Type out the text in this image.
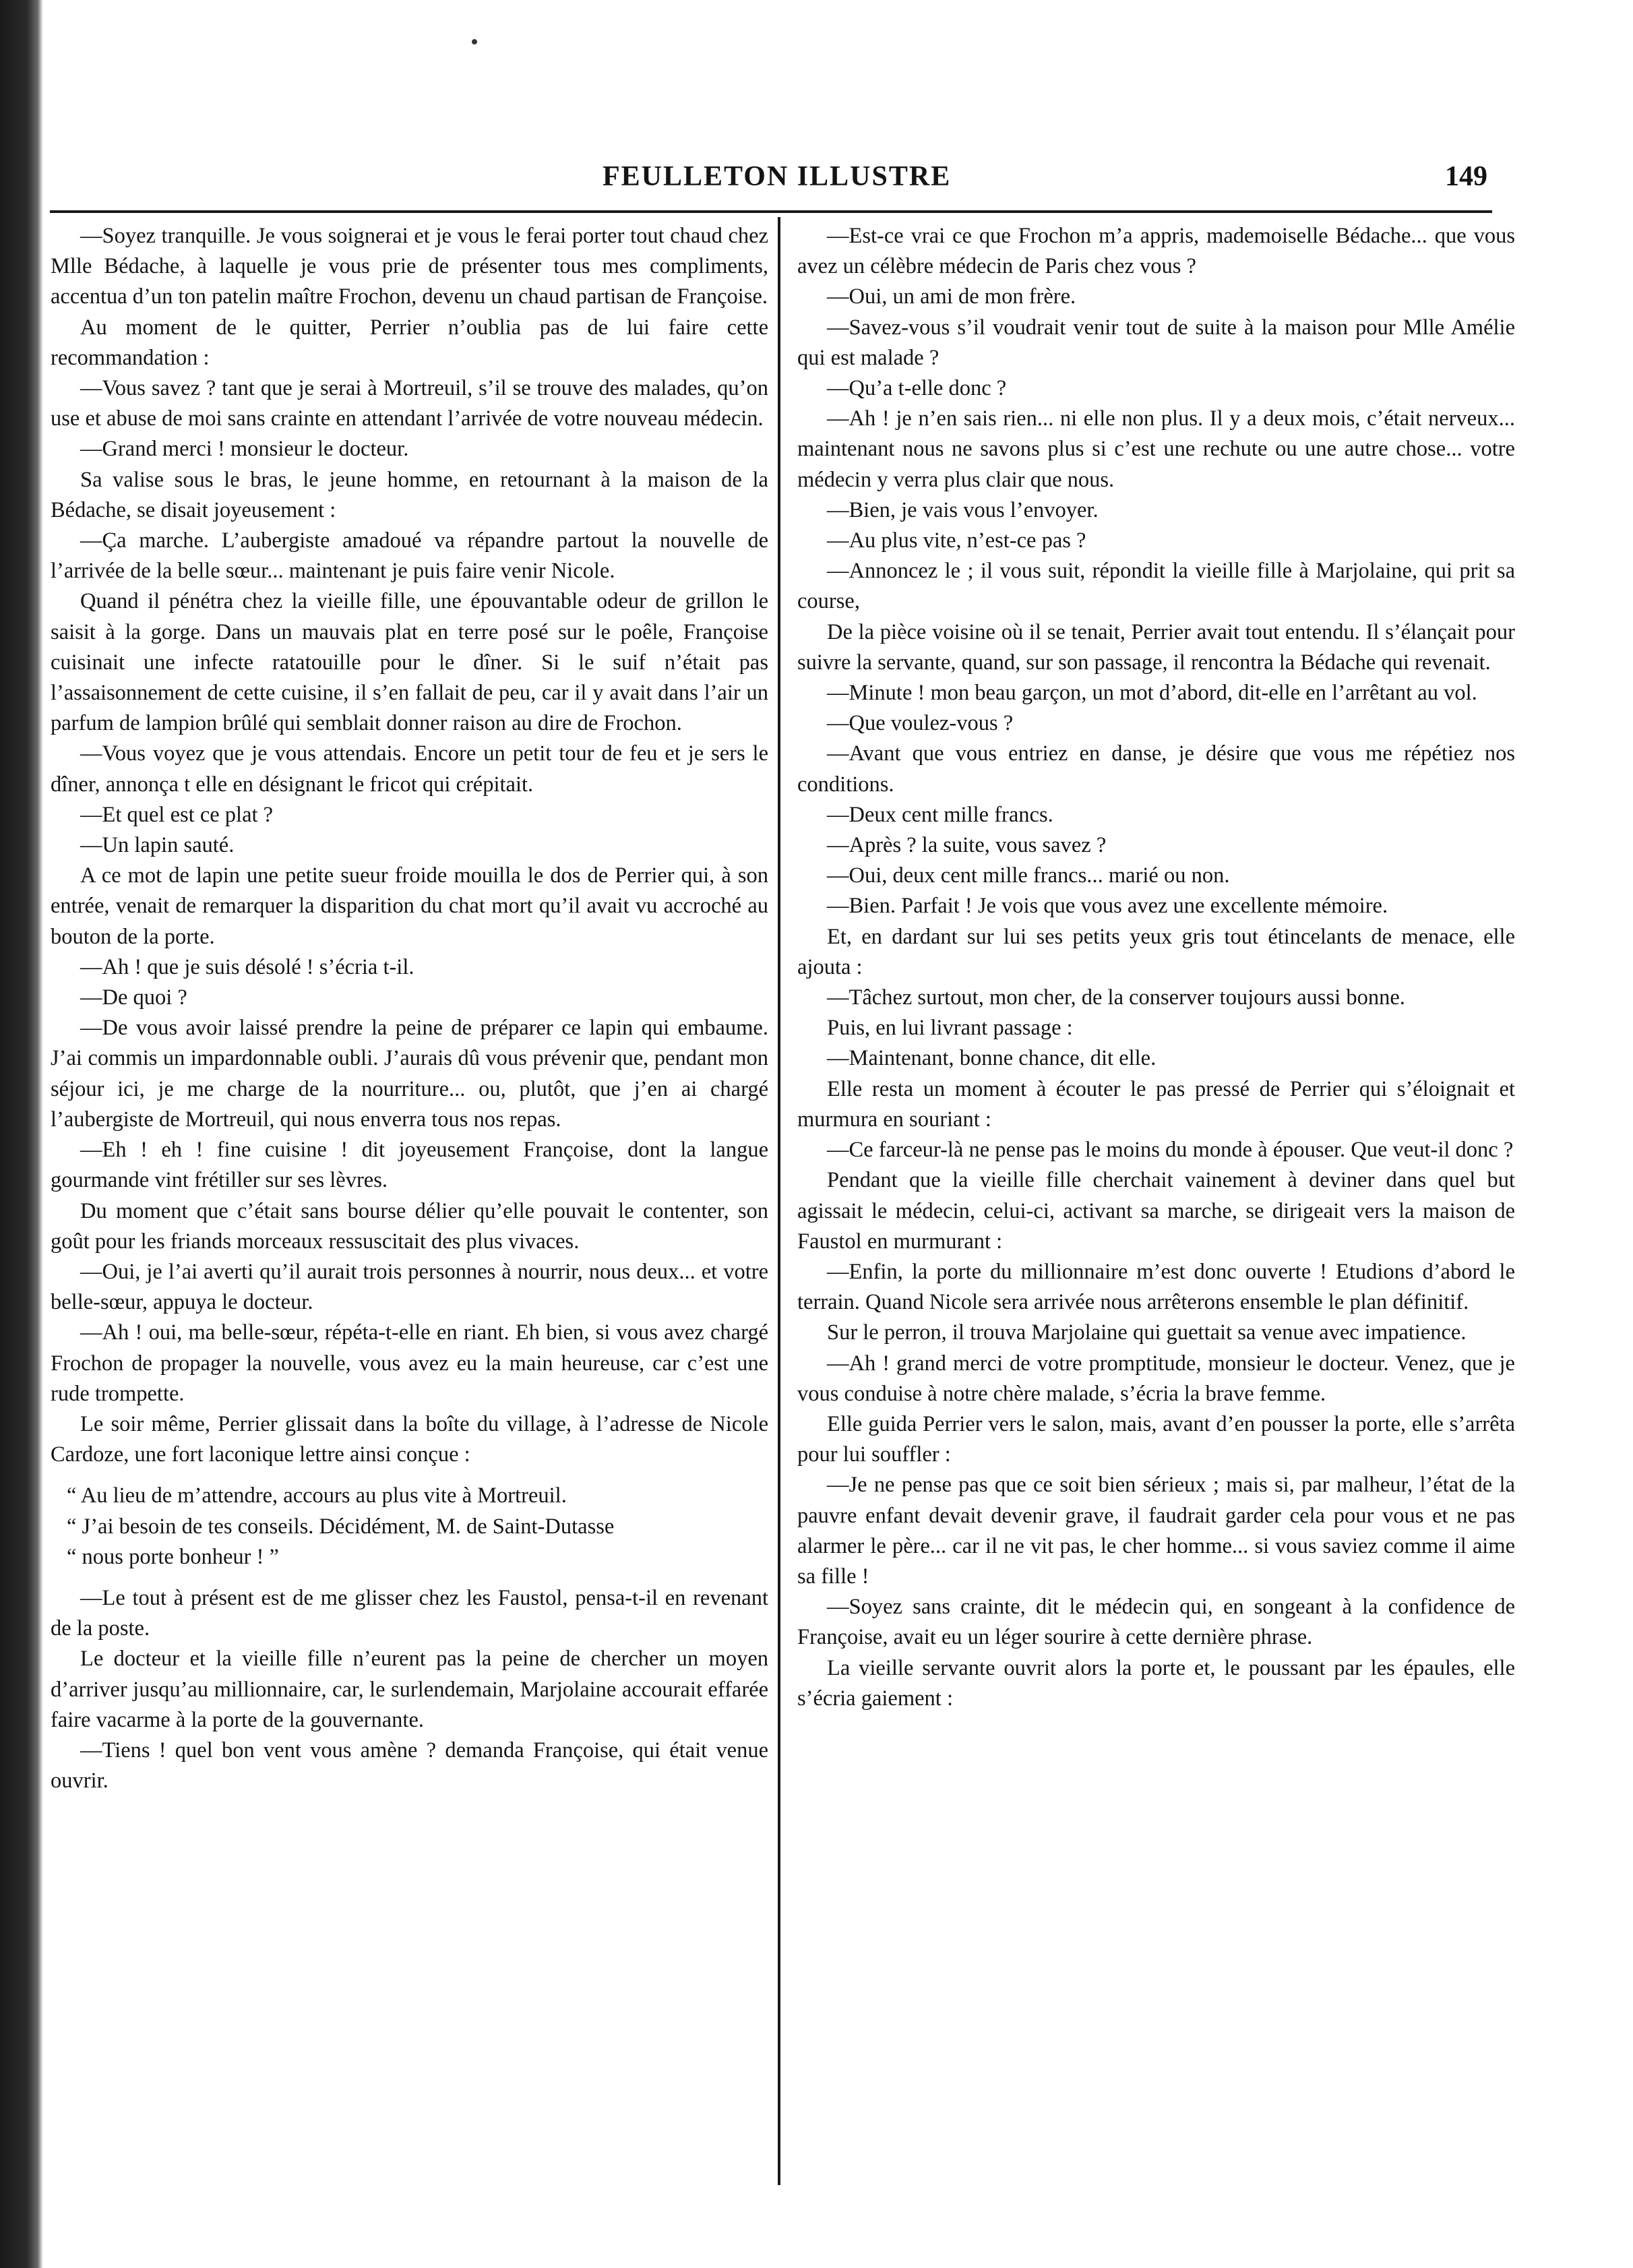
FEULLETON ILLUSTRE	149

—Soyez tranquille. Je vous soignerai et je vous le ferai porter tout chaud chez Mlle Bédache, à laquelle je vous prie de présenter tous mes compliments, accentua d’un ton patelin maître Frochon, devenu un chaud partisan de Françoise.

Au moment de le quitter, Perrier n’oublia pas de lui faire cette recommandation :

—Vous savez ? tant que je serai à Mortreuil, s’il se trouve des malades, qu’on use et abuse de moi sans crainte en attendant l’arrivée de votre nouveau médecin.

—Grand merci ! monsieur le docteur.

Sa valise sous le bras, le jeune homme, en retournant à la maison de la Bédache, se disait joyeusement :

—Ça marche. L’aubergiste amadoué va répandre partout la nouvelle de l’arrivée de la belle sœur... maintenant je puis faire venir Nicole.

Quand il pénétra chez la vieille fille, une épouvantable odeur de grillon le saisit à la gorge. Dans un mauvais plat en terre posé sur le poêle, Françoise cuisinait une infecte ratatouille pour le dîner. Si le suif n’était pas l’assaisonnement de cette cuisine, il s’en fallait de peu, car il y avait dans l’air un parfum de lampion brûlé qui semblait donner raison au dire de Frochon.

—Vous voyez que je vous attendais. Encore un petit tour de feu et je sers le dîner, annonça t elle en désignant le fricot qui crépitait.

—Et quel est ce plat ?

—Un lapin sauté.

A ce mot de lapin une petite sueur froide mouilla le dos de Perrier qui, à son entrée, venait de remarquer la disparition du chat mort qu’il avait vu accroché au bouton de la porte.

—Ah ! que je suis désolé ! s’écria t-il.

—De quoi ?

—De vous avoir laissé prendre la peine de préparer ce lapin qui embaume. J’ai commis un impardonnable oubli. J’aurais dû vous prévenir que, pendant mon séjour ici, je me charge de la nourriture... ou, plutôt, que j’en ai chargé l’aubergiste de Mortreuil, qui nous enverra tous nos repas.

—Eh ! eh ! fine cuisine ! dit joyeusement Françoise, dont la langue gourmande vint frétiller sur ses lèvres.

Du moment que c’était sans bourse délier qu’elle pouvait le contenter, son goût pour les friands morceaux ressuscitait des plus vivaces.

—Oui, je l’ai averti qu’il aurait trois personnes à nourrir, nous deux... et votre belle-sœur, appuya le docteur.

—Ah ! oui, ma belle-sœur, répéta-t-elle en riant. Eh bien, si vous avez chargé Frochon de propager la nouvelle, vous avez eu la main heureuse, car c’est une rude trompette.

Le soir même, Perrier glissait dans la boîte du village, à l’adresse de Nicole Cardoze, une fort laconique lettre ainsi conçue :

“ Au lieu de m’attendre, accours au plus vite à Mortreuil.

“ J’ai besoin de tes conseils. Décidément, M. de Saint-Dutasse

“ nous porte bonheur ! ”

—Le tout à présent est de me glisser chez les Faustol, pensa-t-il en revenant de la poste.

Le docteur et la vieille fille n’eurent pas la peine de chercher un moyen d’arriver jusqu’au millionnaire, car, le surlendemain, Marjolaine accourait effarée faire vacarme à la porte de la gouvernante.

—Tiens ! quel bon vent vous amène ? demanda Françoise, qui était venue ouvrir.

—Est-ce vrai ce que Frochon m’a appris, mademoiselle Bédache... que vous avez un célèbre médecin de Paris chez vous ?

—Oui, un ami de mon frère.

—Savez-vous s’il voudrait venir tout de suite à la maison pour Mlle Amélie qui est malade ?

—Qu’a t-elle donc ?

—Ah ! je n’en sais rien... ni elle non plus. Il y a deux mois, c’était nerveux... maintenant nous ne savons plus si c’est une rechute ou une autre chose... votre médecin y verra plus clair que nous.

—Bien, je vais vous l’envoyer.

—Au plus vite, n’est-ce pas ?

—Annoncez le ; il vous suit, répondit la vieille fille à Marjolaine, qui prit sa course,

De la pièce voisine où il se tenait, Perrier avait tout entendu. Il s’élançait pour suivre la servante, quand, sur son passage, il rencontra la Bédache qui revenait.

—Minute ! mon beau garçon, un mot d’abord, dit-elle en l’arrêtant au vol.

—Que voulez-vous ?

—Avant que vous entriez en danse, je désire que vous me répétiez nos conditions.

—Deux cent mille francs.

—Après ? la suite, vous savez ?

—Oui, deux cent mille francs... marié ou non.

—Bien. Parfait ! Je vois que vous avez une excellente mémoire.

Et, en dardant sur lui ses petits yeux gris tout étincelants de menace, elle ajouta :

—Tâchez surtout, mon cher, de la conserver toujours aussi bonne.

Puis, en lui livrant passage :

—Maintenant, bonne chance, dit elle.

Elle resta un moment à écouter le pas pressé de Perrier qui s’éloignait et murmura en souriant :

—Ce farceur-là ne pense pas le moins du monde à épouser. Que veut-il donc ?

Pendant que la vieille fille cherchait vainement à deviner dans quel but agissait le médecin, celui-ci, activant sa marche, se dirigeait vers la maison de Faustol en murmurant :

—Enfin, la porte du millionnaire m’est donc ouverte ! Etudions d’abord le terrain. Quand Nicole sera arrivée nous arrêterons ensemble le plan définitif.

Sur le perron, il trouva Marjolaine qui guettait sa venue avec impatience.

—Ah ! grand merci de votre promptitude, monsieur le docteur. Venez, que je vous conduise à notre chère malade, s’écria la brave femme.

Elle guida Perrier vers le salon, mais, avant d’en pousser la porte, elle s’arrêta pour lui souffler :

—Je ne pense pas que ce soit bien sérieux ; mais si, par malheur, l’état de la pauvre enfant devait devenir grave, il faudrait garder cela pour vous et ne pas alarmer le père... car il ne vit pas, le cher homme... si vous saviez comme il aime sa fille !

—Soyez sans crainte, dit le médecin qui, en songeant à la confidence de Françoise, avait eu un léger sourire à cette dernière phrase.

La vieille servante ouvrit alors la porte et, le poussant par les épaules, elle s’écria gaiement :
